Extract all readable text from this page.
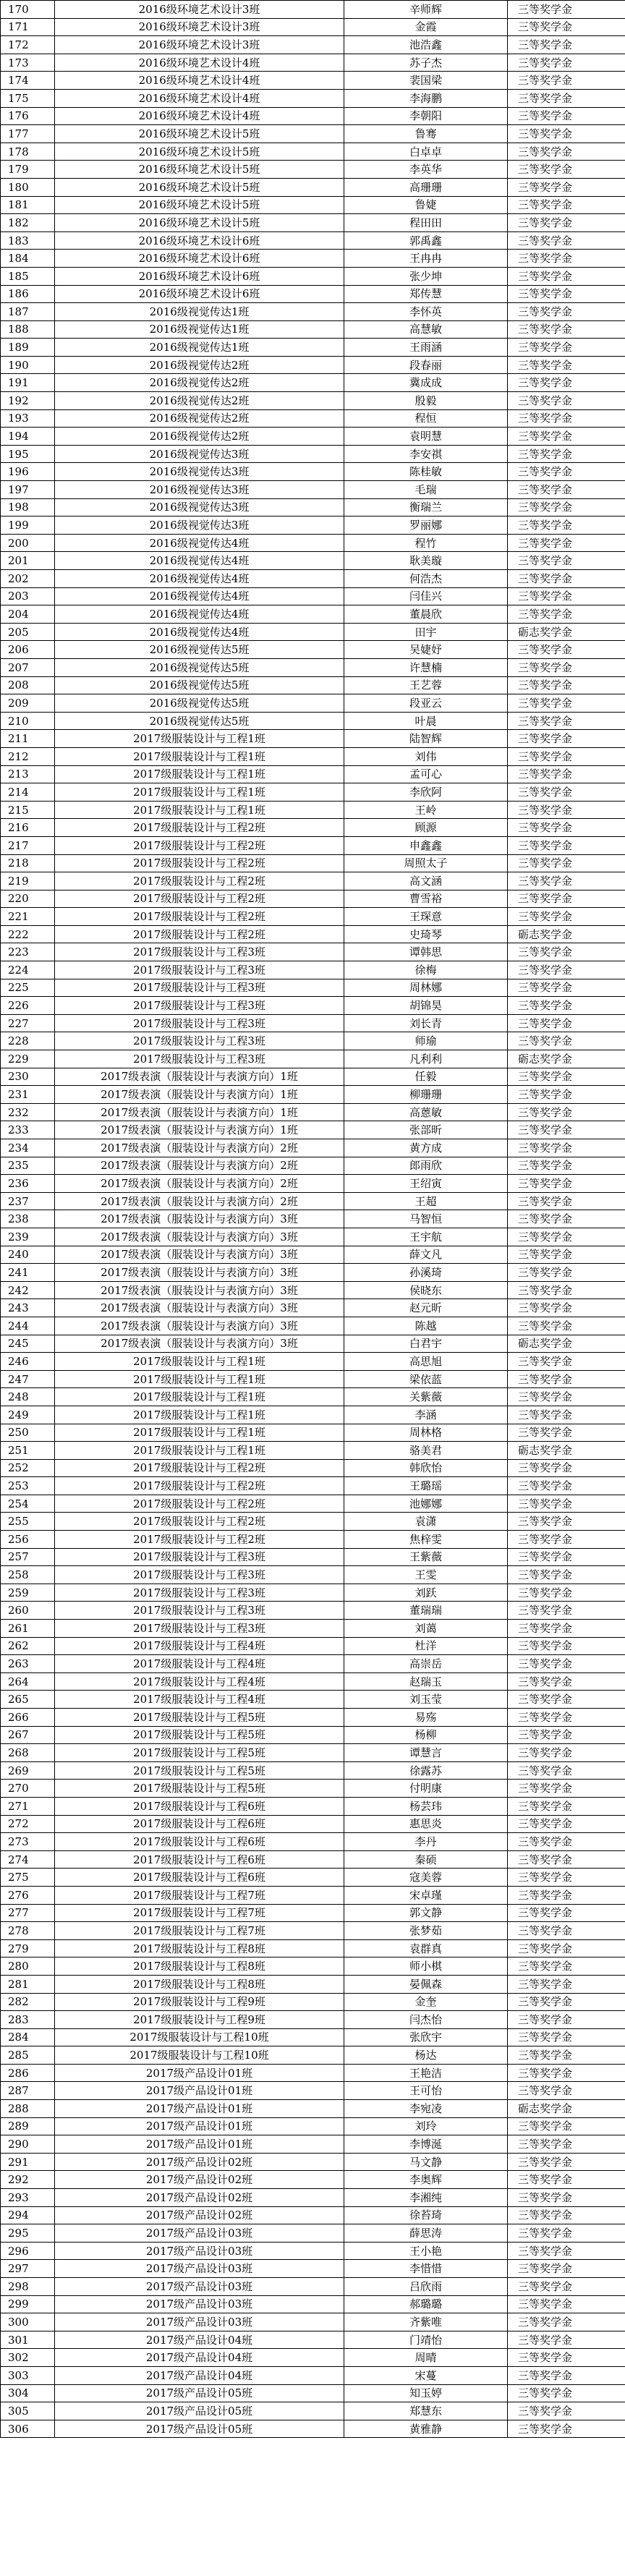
170	2016级环境艺术设计3班	辛师辉	三等奖学金
171	2016级环境艺术设计3班	金霞	三等奖学金
172	2016级环境艺术设计3班	池浩鑫	三等奖学金
173	2016级环境艺术设计4班	苏子杰	三等奖学金
174	2016级环境艺术设计4班	裴国梁	三等奖学金
175	2016级环境艺术设计4班	李海鹏	三等奖学金
176	2016级环境艺术设计4班	李朝阳	三等奖学金
177	2016级环境艺术设计5班	鲁骞	三等奖学金
178	2016级环境艺术设计5班	白卓卓	三等奖学金
179	2016级环境艺术设计5班	李英华	三等奖学金
180	2016级环境艺术设计5班	高珊珊	三等奖学金
181	2016级环境艺术设计5班	鲁婕	三等奖学金
182	2016级环境艺术设计5班	程田田	三等奖学金
183	2016级环境艺术设计6班	郭禹鑫	三等奖学金
184	2016级环境艺术设计6班	王冉冉	三等奖学金
185	2016级环境艺术设计6班	张少坤	三等奖学金
186	2016级环境艺术设计6班	郑传慧	三等奖学金
187	2016级视觉传达1班	李怀英	三等奖学金
188	2016级视觉传达1班	高慧敏	三等奖学金
189	2016级视觉传达1班	王雨涵	三等奖学金
190	2016级视觉传达2班	段春丽	三等奖学金
191	2016级视觉传达2班	冀成成	三等奖学金
192	2016级视觉传达2班	殷毅	三等奖学金
193	2016级视觉传达2班	程恒	三等奖学金
194	2016级视觉传达2班	袁明慧	三等奖学金
195	2016级视觉传达3班	李安祺	三等奖学金
196	2016级视觉传达3班	陈桂敏	三等奖学金
197	2016级视觉传达3班	毛瑞	三等奖学金
198	2016级视觉传达3班	衡瑞兰	三等奖学金
199	2016级视觉传达3班	罗丽娜	三等奖学金
200	2016级视觉传达4班	程竹	三等奖学金
201	2016级视觉传达4班	耿美璇	三等奖学金
202	2016级视觉传达4班	何浩杰	三等奖学金
203	2016级视觉传达4班	闫佳兴	三等奖学金
204	2016级视觉传达4班	董晨欣	三等奖学金
205	2016级视觉传达4班	田宇	砺志奖学金
206	2016级视觉传达5班	吴婕妤	三等奖学金
207	2016级视觉传达5班	许慧楠	三等奖学金
208	2016级视觉传达5班	王艺蓉	三等奖学金
209	2016级视觉传达5班	段亚云	三等奖学金
210	2016级视觉传达5班	叶晨	三等奖学金
211	2017级服装设计与工程1班	陆智辉	三等奖学金
212	2017级服装设计与工程1班	刘伟	三等奖学金
213	2017级服装设计与工程1班	孟可心	三等奖学金
214	2017级服装设计与工程1班	李欣阿	三等奖学金
215	2017级服装设计与工程1班	王岭	三等奖学金
216	2017级服装设计与工程2班	顾源	三等奖学金
217	2017级服装设计与工程2班	申鑫鑫	三等奖学金
218	2017级服装设计与工程2班	周照太子	三等奖学金
219	2017级服装设计与工程2班	高文涵	三等奖学金
220	2017级服装设计与工程2班	曹雪裕	三等奖学金
221	2017级服装设计与工程2班	王琛意	三等奖学金
222	2017级服装设计与工程2班	史琦琴	砺志奖学金
223	2017级服装设计与工程3班	谭韩思	三等奖学金
224	2017级服装设计与工程3班	徐梅	三等奖学金
225	2017级服装设计与工程3班	周林娜	三等奖学金
226	2017级服装设计与工程3班	胡锦昊	三等奖学金
227	2017级服装设计与工程3班	刘长青	三等奖学金
228	2017级服装设计与工程3班	师瑜	三等奖学金
229	2017级服装设计与工程3班	凡利利	砺志奖学金
230	2017级表演（服装设计与表演方向）1班	任毅	三等奖学金
231	2017级表演（服装设计与表演方向）1班	柳珊珊	三等奖学金
232	2017级表演（服装设计与表演方向）1班	高蒽敏	三等奖学金
233	2017级表演（服装设计与表演方向）1班	张部昕	三等奖学金
234	2017级表演（服装设计与表演方向）2班	黄方成	三等奖学金
235	2017级表演（服装设计与表演方向）2班	郎雨欣	三等奖学金
236	2017级表演（服装设计与表演方向）2班	王绍寅	三等奖学金
237	2017级表演（服装设计与表演方向）2班	王超	三等奖学金
238	2017级表演（服装设计与表演方向）3班	马智恒	三等奖学金
239	2017级表演（服装设计与表演方向）3班	王宇航	三等奖学金
240	2017级表演（服装设计与表演方向）3班	薛文凡	三等奖学金
241	2017级表演（服装设计与表演方向）3班	孙溪琦	三等奖学金
242	2017级表演（服装设计与表演方向）3班	侯晓东	三等奖学金
243	2017级表演（服装设计与表演方向）3班	赵元昕	三等奖学金
244	2017级表演（服装设计与表演方向）3班	陈越	三等奖学金
245	2017级表演（服装设计与表演方向）3班	白君宇	砺志奖学金
246	2017级服装设计与工程1班	高思旭	三等奖学金
247	2017级服装设计与工程1班	梁依蓝	三等奖学金
248	2017级服装设计与工程1班	关紫薇	三等奖学金
249	2017级服装设计与工程1班	李涵	三等奖学金
250	2017级服装设计与工程1班	周林格	三等奖学金
251	2017级服装设计与工程1班	骆美君	砺志奖学金
252	2017级服装设计与工程2班	韩欣怡	三等奖学金
253	2017级服装设计与工程2班	王璐瑶	三等奖学金
254	2017级服装设计与工程2班	池娜娜	三等奖学金
255	2017级服装设计与工程2班	袁潇	三等奖学金
256	2017级服装设计与工程2班	焦梓雯	三等奖学金
257	2017级服装设计与工程3班	王紫薇	三等奖学金
258	2017级服装设计与工程3班	王雯	三等奖学金
259	2017级服装设计与工程3班	刘跃	三等奖学金
260	2017级服装设计与工程3班	董瑞瑞	三等奖学金
261	2017级服装设计与工程3班	刘蔼	三等奖学金
262	2017级服装设计与工程4班	杜洋	三等奖学金
263	2017级服装设计与工程4班	高崇岳	三等奖学金
264	2017级服装设计与工程4班	赵瑞玉	三等奖学金
265	2017级服装设计与工程4班	刘玉莹	三等奖学金
266	2017级服装设计与工程5班	易殇	三等奖学金
267	2017级服装设计与工程5班	杨柳	三等奖学金
268	2017级服装设计与工程5班	谭慧言	三等奖学金
269	2017级服装设计与工程5班	徐露苏	三等奖学金
270	2017级服装设计与工程5班	付明康	三等奖学金
271	2017级服装设计与工程6班	杨芸玮	三等奖学金
272	2017级服装设计与工程6班	惠思炎	三等奖学金
273	2017级服装设计与工程6班	李丹	三等奖学金
274	2017级服装设计与工程6班	秦硕	三等奖学金
275	2017级服装设计与工程6班	寇美蓉	三等奖学金
276	2017级服装设计与工程7班	宋卓瑾	三等奖学金
277	2017级服装设计与工程7班	郭文静	三等奖学金
278	2017级服装设计与工程7班	张梦茹	三等奖学金
279	2017级服装设计与工程8班	袁群真	三等奖学金
280	2017级服装设计与工程8班	师小棋	三等奖学金
281	2017级服装设计与工程8班	晏佩森	三等奖学金
282	2017级服装设计与工程9班	金奎	三等奖学金
283	2017级服装设计与工程9班	闫杰怡	三等奖学金
284	2017级服装设计与工程10班	张欣宇	三等奖学金
285	2017级服装设计与工程10班	杨达	三等奖学金
286	2017级产品设计01班	王艳洁	三等奖学金
287	2017级产品设计01班	王可怡	三等奖学金
288	2017级产品设计01班	李宛凌	砺志奖学金
289	2017级产品设计01班	刘玲	三等奖学金
290	2017级产品设计01班	李博涎	三等奖学金
291	2017级产品设计02班	马文静	三等奖学金
292	2017级产品设计02班	李奥辉	三等奖学金
293	2017级产品设计02班	李湘纯	三等奖学金
294	2017级产品设计02班	徐苔琦	三等奖学金
295	2017级产品设计03班	薛思涛	三等奖学金
296	2017级产品设计03班	王小艳	三等奖学金
297	2017级产品设计03班	李惜惜	三等奖学金
298	2017级产品设计03班	吕欣雨	三等奖学金
299	2017级产品设计03班	郝璐璐	三等奖学金
300	2017级产品设计03班	齐紫唯	三等奖学金
301	2017级产品设计04班	门靖怡	三等奖学金
302	2017级产品设计04班	周晴	三等奖学金
303	2017级产品设计04班	宋蔓	三等奖学金
304	2017级产品设计05班	知玉婷	三等奖学金
305	2017级产品设计05班	郑慧东	三等奖学金
306	2017级产品设计05班	黄雅静	三等奖学金
